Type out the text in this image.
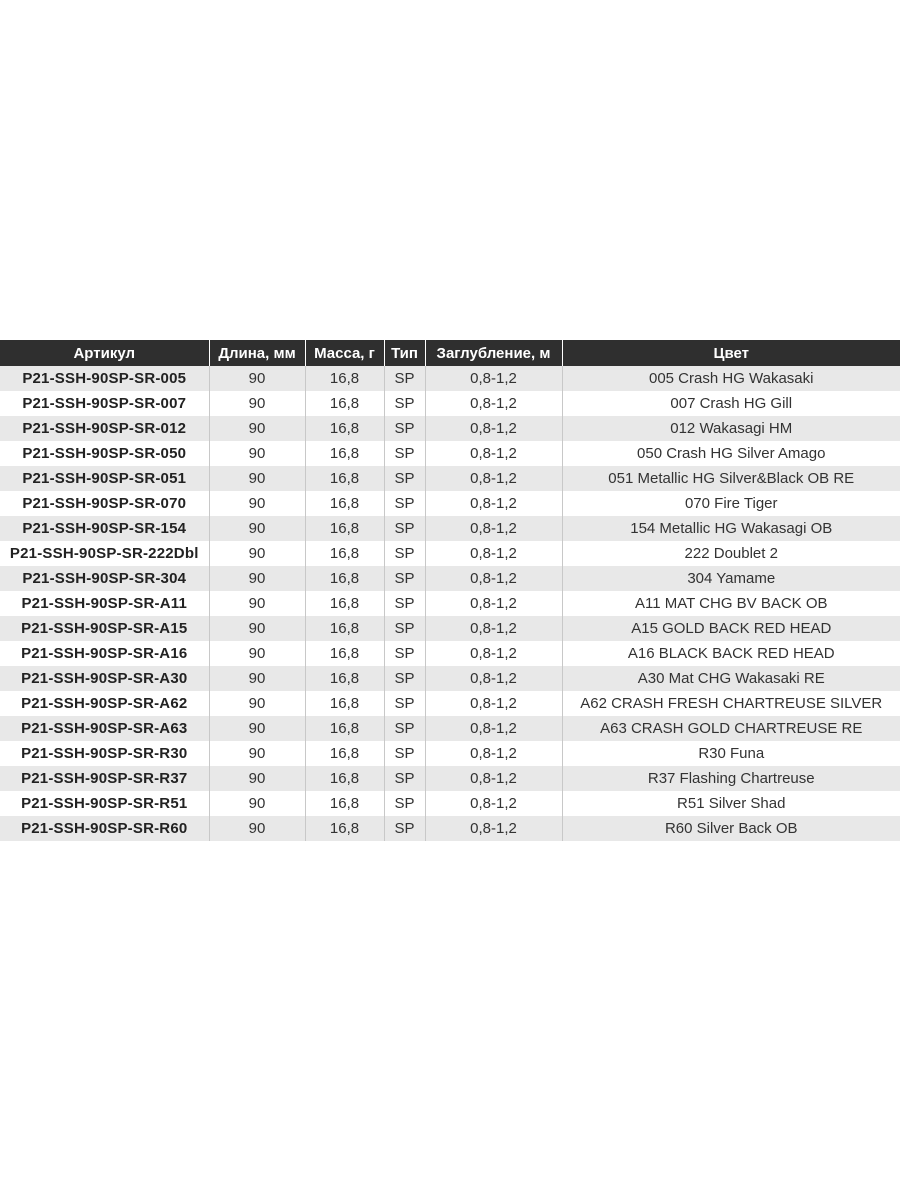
Артикул	Длина, мм	Масса, г	Тип	Заглубление, м	Цвет
P21-SSH-90SP-SR-005	90	16,8	SP	0,8-1,2	005 Crash HG Wakasaki
P21-SSH-90SP-SR-007	90	16,8	SP	0,8-1,2	007 Crash HG Gill
P21-SSH-90SP-SR-012	90	16,8	SP	0,8-1,2	012 Wakasagi HM
P21-SSH-90SP-SR-050	90	16,8	SP	0,8-1,2	050 Crash HG Silver Amago
P21-SSH-90SP-SR-051	90	16,8	SP	0,8-1,2	051 Metallic HG Silver&Black OB RE
P21-SSH-90SP-SR-070	90	16,8	SP	0,8-1,2	070 Fire Tiger
P21-SSH-90SP-SR-154	90	16,8	SP	0,8-1,2	154 Metallic HG Wakasagi OB
P21-SSH-90SP-SR-222Dbl	90	16,8	SP	0,8-1,2	222 Doublet 2
P21-SSH-90SP-SR-304	90	16,8	SP	0,8-1,2	304 Yamame
P21-SSH-90SP-SR-A11	90	16,8	SP	0,8-1,2	A11 MAT CHG BV BACK OB
P21-SSH-90SP-SR-A15	90	16,8	SP	0,8-1,2	A15 GOLD BACK RED HEAD
P21-SSH-90SP-SR-A16	90	16,8	SP	0,8-1,2	A16 BLACK BACK RED HEAD
P21-SSH-90SP-SR-A30	90	16,8	SP	0,8-1,2	A30 Mat CHG Wakasaki RE
P21-SSH-90SP-SR-A62	90	16,8	SP	0,8-1,2	A62 CRASH FRESH CHARTREUSE SILVER
P21-SSH-90SP-SR-A63	90	16,8	SP	0,8-1,2	A63 CRASH GOLD CHARTREUSE RE
P21-SSH-90SP-SR-R30	90	16,8	SP	0,8-1,2	R30 Funa
P21-SSH-90SP-SR-R37	90	16,8	SP	0,8-1,2	R37 Flashing Chartreuse
P21-SSH-90SP-SR-R51	90	16,8	SP	0,8-1,2	R51 Silver Shad
P21-SSH-90SP-SR-R60	90	16,8	SP	0,8-1,2	R60 Silver Back OB
